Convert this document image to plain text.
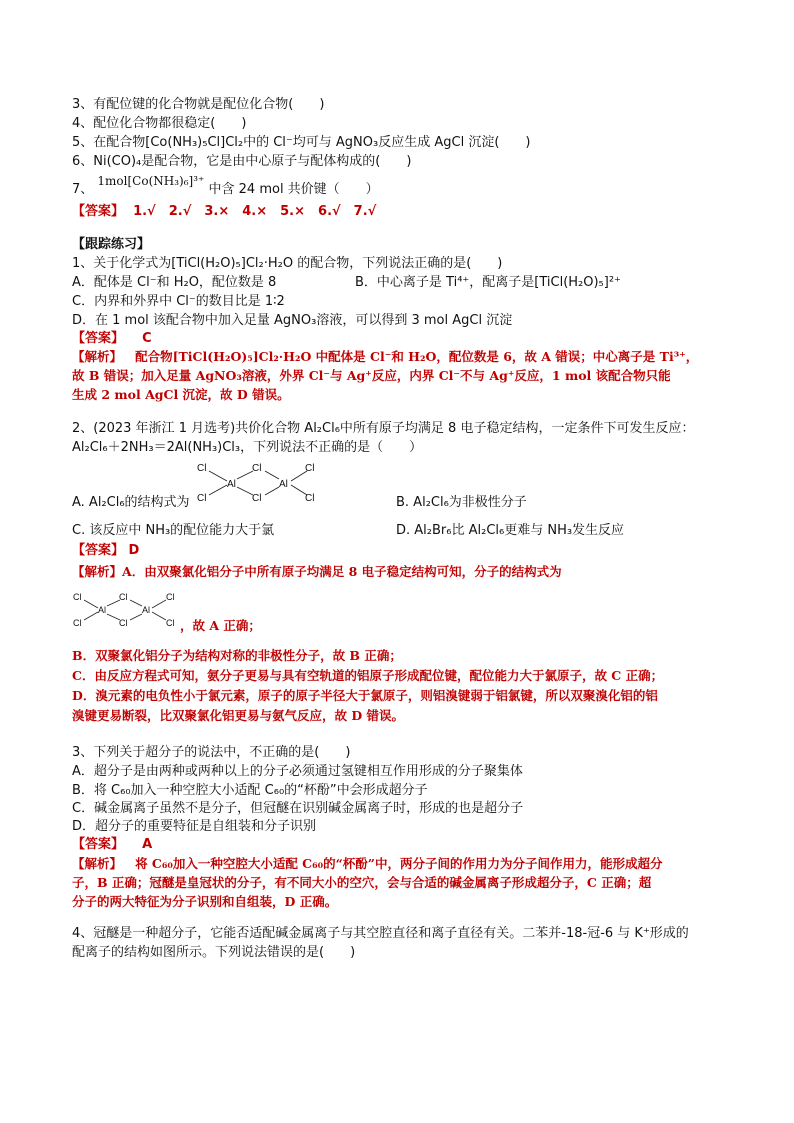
3、有配位键的化合物就是配位化合物(　　)
4、配位化合物都很稳定(　　)
5、在配合物[Co(NH₃)₅Cl]Cl₂中的 Cl⁻均可与 AgNO₃反应生成 AgCl 沉淀(　　)
6、Ni(CO)₄是配合物，它是由中心原子与配体构成的(　　)
7、 1mol[Co(NH₃)₆]³⁺ 中含 24 mol 共价键（　　）
【答案】 1.√　2.√　3.×　4.×　5.×　6.√　7.√
【跟踪练习】
1、关于化学式为[TiCl(H₂O)₅]Cl₂·H₂O 的配合物，下列说法正确的是(　　)
A．配体是 Cl⁻和 H₂O，配位数是 8	B．中心离子是 Ti⁴⁺，配离子是[TiCl(H₂O)₅]²⁺
C．内界和外界中 Cl⁻的数目比是 1∶2
D．在 1 mol 该配合物中加入足量 AgNO₃溶液，可以得到 3 mol AgCl 沉淀
【答案】 C
【解析】 配合物[TiCl(H₂O)₅]Cl₂·H₂O 中配体是 Cl⁻和 H₂O，配位数是 6，故 A 错误；中心离子是 Ti³⁺，
故 B 错误；加入足量 AgNO₃溶液，外界 Cl⁻与 Ag⁺反应，内界 Cl⁻不与 Ag⁺反应，1 mol 该配合物只能
生成 2 mol AgCl 沉淀，故 D 错误。
2、(2023 年浙江 1 月选考)共价化合物 Al₂Cl₆中所有原子均满足 8 电子稳定结构，一定条件下可发生反应：
Al₂Cl₆＋2NH₃＝2Al(NH₃)Cl₃，下列说法不正确的是（　　）
Cl
Cl
Al
Cl
Cl
Al
Cl
Cl
A. Al₂Cl₆的结构式为	B. Al₂Cl₆为非极性分子
C. 该反应中 NH₃的配位能力大于氯	D. Al₂Br₆比 Al₂Cl₆更难与 NH₃发生反应
【答案】 D
【解析】A．由双聚氯化铝分子中所有原子均满足 8 电子稳定结构可知，分子的结构式为
Cl
Cl
Al
Cl
Cl
Al
Cl
Cl ，故 A 正确；
B．双聚氯化铝分子为结构对称的非极性分子，故 B 正确；
C．由反应方程式可知，氨分子更易与具有空轨道的铝原子形成配位键，配位能力大于氯原子，故 C 正确；
D．溴元素的电负性小于氯元素，原子的原子半径大于氯原子，则铝溴键弱于铝氯键，所以双聚溴化铝的铝
溴键更易断裂，比双聚氯化铝更易与氨气反应，故 D 错误。
3、下列关于超分子的说法中，不正确的是(　　)
A．超分子是由两种或两种以上的分子必须通过氢键相互作用形成的分子聚集体
B．将 C₆₀加入一种空腔大小适配 C₆₀的“杯酚”中会形成超分子
C．碱金属离子虽然不是分子，但冠醚在识别碱金属离子时，形成的也是超分子
D．超分子的重要特征是自组装和分子识别
【答案】 A
【解析】 将 C₆₀加入一种空腔大小适配 C₆₀的“杯酚”中，两分子间的作用力为分子间作用力，能形成超分
子，B 正确；冠醚是皇冠状的分子，有不同大小的空穴，会与合适的碱金属离子形成超分子，C 正确；超
分子的两大特征为分子识别和自组装，D 正确。
4、冠醚是一种超分子，它能否适配碱金属离子与其空腔直径和离子直径有关。二苯并-18-冠-6 与 K⁺形成的
配离子的结构如图所示。下列说法错误的是(　　)
